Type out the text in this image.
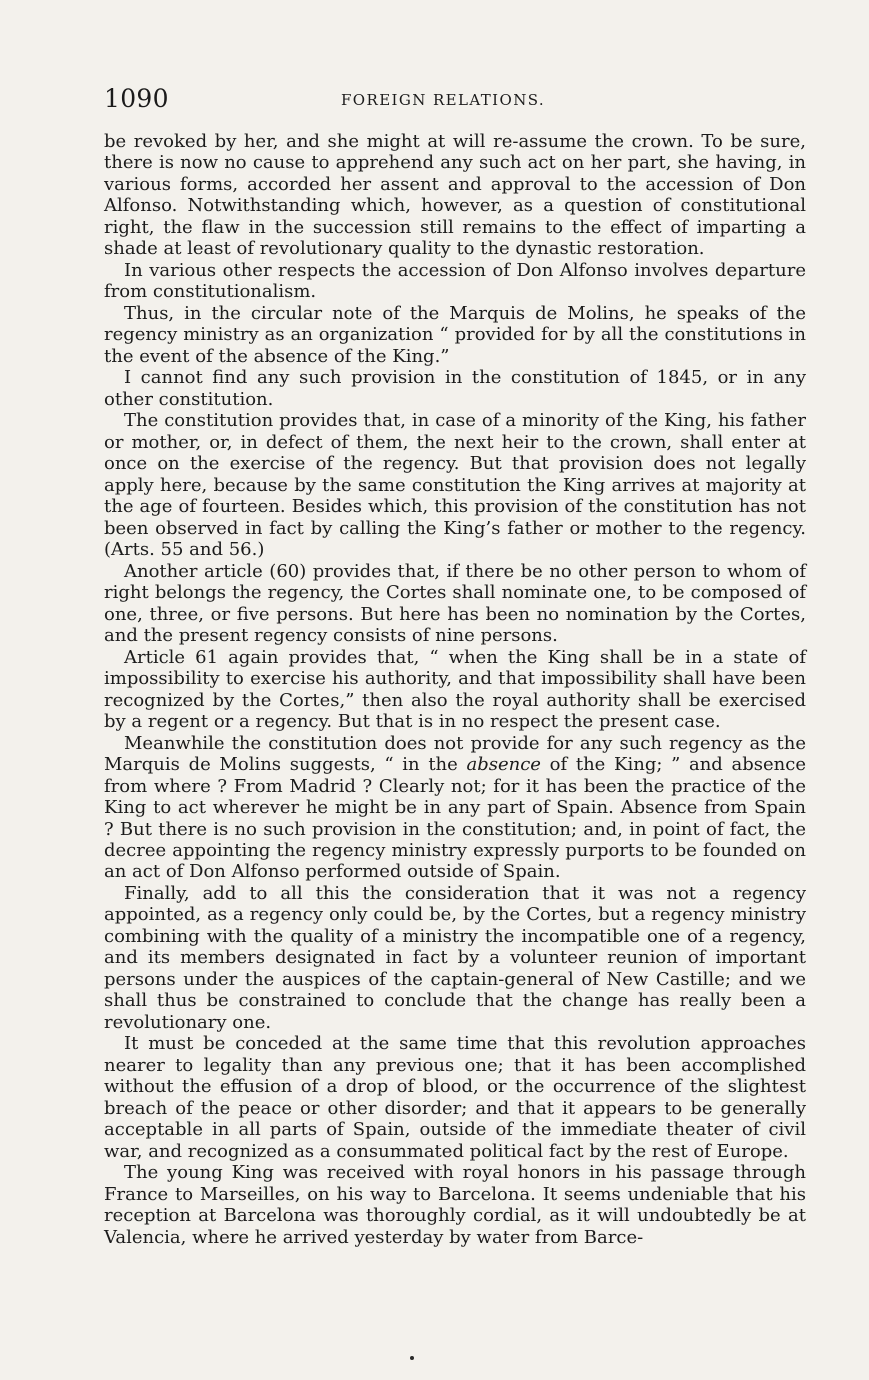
1090	FOREIGN RELATIONS.

be revoked by her, and she might at will re-assume the crown. To be sure, there is now no cause to apprehend any such act on her part, she having, in various forms, accorded her assent and approval to the accession of Don Alfonso. Notwithstanding which, however, as a question of constitutional right, the flaw in the succession still remains to the effect of imparting a shade at least of revolutionary quality to the dynastic restoration.

In various other respects the accession of Don Alfonso involves departure from constitutionalism.

Thus, in the circular note of the Marquis de Molins, he speaks of the regency ministry as an organization “ provided for by all the constitutions in the event of the absence of the King.”

I cannot find any such provision in the constitution of 1845, or in any other constitution.

The constitution provides that, in case of a minority of the King, his father or mother, or, in defect of them, the next heir to the crown, shall enter at once on the exercise of the regency. But that provision does not legally apply here, because by the same constitution the King arrives at majority at the age of fourteen. Besides which, this provision of the constitution has not been observed in fact by calling the King’s father or mother to the regency. (Arts. 55 and 56.)

Another article (60) provides that, if there be no other person to whom of right belongs the regency, the Cortes shall nominate one, to be composed of one, three, or five persons. But here has been no nomination by the Cortes, and the present regency consists of nine persons.

Article 61 again provides that, “ when the King shall be in a state of impossibility to exercise his authority, and that impossibility shall have been recognized by the Cortes,” then also the royal authority shall be exercised by a regent or a regency. But that is in no respect the present case.

Meanwhile the constitution does not provide for any such regency as the Marquis de Molins suggests, “ in the absence of the King; ” and absence from where ? From Madrid ? Clearly not; for it has been the practice of the King to act wherever he might be in any part of Spain. Absence from Spain ? But there is no such provision in the constitution; and, in point of fact, the decree appointing the regency ministry expressly purports to be founded on an act of Don Alfonso performed outside of Spain.

Finally, add to all this the consideration that it was not a regency appointed, as a regency only could be, by the Cortes, but a regency ministry combining with the quality of a ministry the incompatible one of a regency, and its members designated in fact by a volunteer reunion of important persons under the auspices of the captain-general of New Castille; and we shall thus be constrained to conclude that the change has really been a revolutionary one.

It must be conceded at the same time that this revolution approaches nearer to legality than any previous one; that it has been accomplished without the effusion of a drop of blood, or the occurrence of the slightest breach of the peace or other disorder; and that it appears to be generally acceptable in all parts of Spain, outside of the immediate theater of civil war, and recognized as a consummated political fact by the rest of Europe.

The young King was received with royal honors in his passage through France to Marseilles, on his way to Barcelona. It seems undeniable that his reception at Barcelona was thoroughly cordial, as it will undoubtedly be at Valencia, where he arrived yesterday by water from Barce-
